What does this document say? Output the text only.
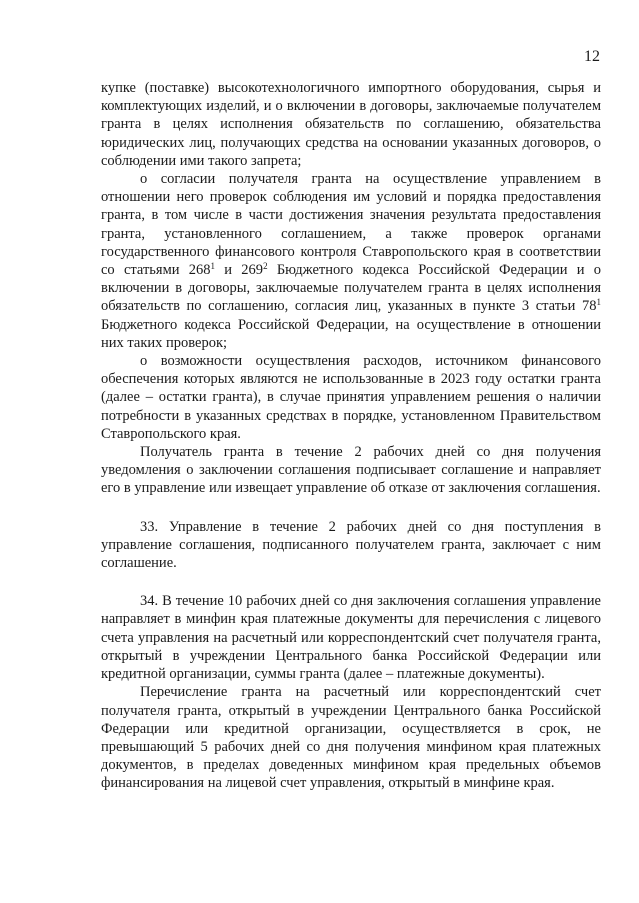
12

купке (поставке) высокотехнологичного импортного оборудования, сырья и комплектующих изделий, и о включении в договоры, заключаемые получателем гранта в целях исполнения обязательств по соглашению, обязательства юридических лиц, получающих средства на основании указанных договоров, о соблюдении ими такого запрета;

о согласии получателя гранта на осуществление управлением в отношении него проверок соблюдения им условий и порядка предоставления гранта, в том числе в части достижения значения результата предоставления гранта, установленного соглашением, а также проверок органами государственного финансового контроля Ставропольского края в соответствии со статьями $268^1$ и $269^2$ Бюджетного кодекса Российской Федерации и о включении в договоры, заключаемые получателем гранта в целях исполнения обязательств по соглашению, согласия лиц, указанных в пункте 3 статьи $78^1$ Бюджетного кодекса Российской Федерации, на осуществление в отношении них таких проверок;

о возможности осуществления расходов, источником финансового обеспечения которых являются не использованные в 2023 году остатки гранта (далее – остатки гранта), в случае принятия управлением решения о наличии потребности в указанных средствах в порядке, установленном Правительством Ставропольского края.

Получатель гранта в течение 2 рабочих дней со дня получения уведомления о заключении соглашения подписывает соглашение и направляет его в управление или извещает управление об отказе от заключения соглашения.

33. Управление в течение 2 рабочих дней со дня поступления в управление соглашения, подписанного получателем гранта, заключает с ним соглашение.

34. В течение 10 рабочих дней со дня заключения соглашения управление направляет в минфин края платежные документы для перечисления с лицевого счета управления на расчетный или корреспондентский счет получателя гранта, открытый в учреждении Центрального банка Российской Федерации или кредитной организации, суммы гранта (далее – платежные документы).

Перечисление гранта на расчетный или корреспондентский счет получателя гранта, открытый в учреждении Центрального банка Российской Федерации или кредитной организации, осуществляется в срок, не превышающий 5 рабочих дней со дня получения минфином края платежных документов, в пределах доведенных минфином края предельных объемов финансирования на лицевой счет управления, открытый в минфине края.
